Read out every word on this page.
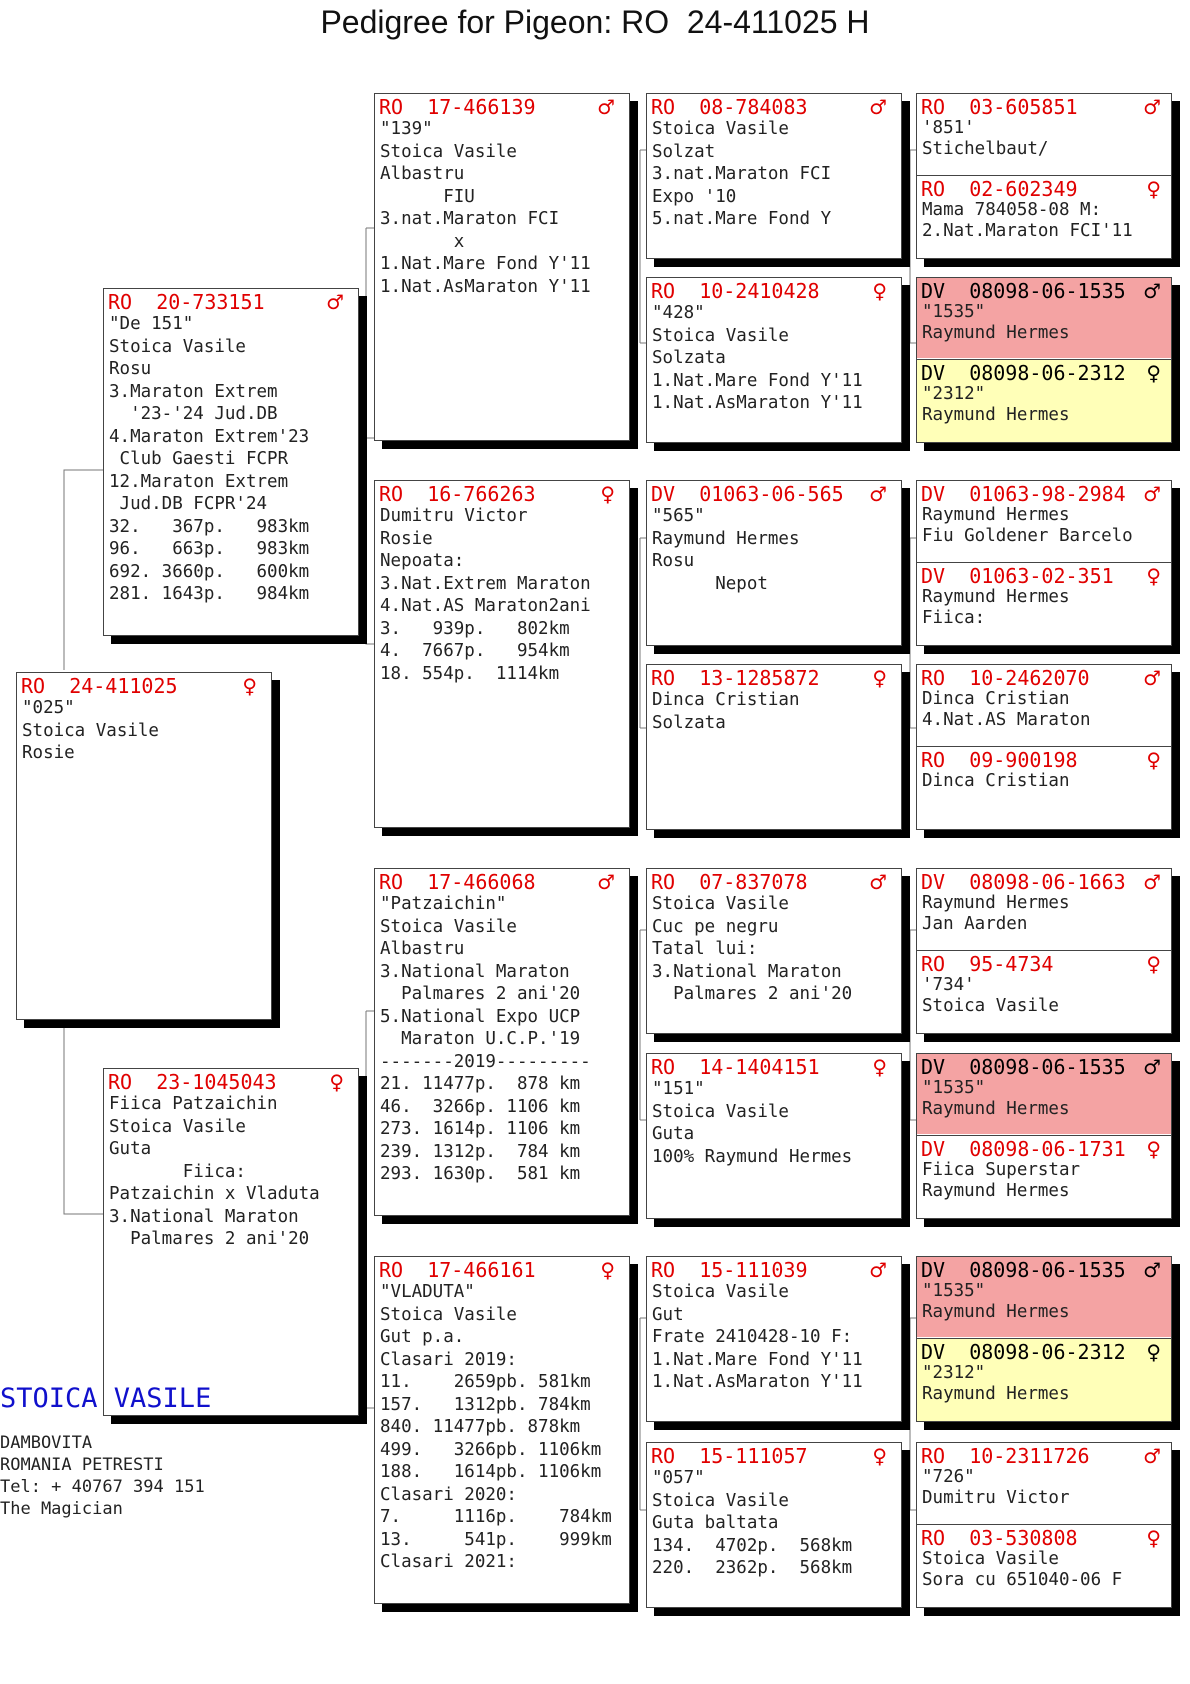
Pedigree for Pigeon: RO  24-411025 H
RO 24-411025	♀
"025"
Stoica Vasile
Rosie
RO 20-733151	♂
"De 151"
Stoica Vasile
Rosu
3.Maraton Extrem
'23-'24 Jud.DB
4.Maraton Extrem'23
Club Gaesti FCPR
12.Maraton Extrem
Jud.DB FCPR'24
32.   367p.   983km
96.   663p.   983km
692. 3660p.   600km
281. 1643p.   984km
RO 23-1045043	♀
Fiica Patzaichin
Stoica Vasile
Guta
Fiica:
Patzaichin x Vladuta
3.National Maraton
Palmares 2 ani'20
RO 17-466139	♂
"139"
Stoica Vasile
Albastru
FIU
3.nat.Maraton FCI
x
1.Nat.Mare Fond Y'11
1.Nat.AsMaraton Y'11
RO 16-766263	♀
Dumitru Victor
Rosie
Nepoata:
3.Nat.Extrem Maraton
4.Nat.AS Maraton2ani
3.   939p.   802km
4.  7667p.   954km
18. 554p.  1114km
RO 17-466068	♂
"Patzaichin"
Stoica Vasile
Albastru
3.National Maraton
Palmares 2 ani'20
5.National Expo UCP
Maraton U.C.P.'19
-------2019---------
21. 11477p.  878 km
46.  3266p. 1106 km
273. 1614p. 1106 km
239. 1312p.  784 km
293. 1630p.  581 km
RO 17-466161	♀
"VLADUTA"
Stoica Vasile
Gut p.a.
Clasari 2019:
11.    2659pb. 581km
157.   1312pb. 784km
840. 11477pb. 878km
499.   3266pb. 1106km
188.   1614pb. 1106km
Clasari 2020:
7.     1116p.    784km
13.     541p.    999km
Clasari 2021:
RO 08-784083	♂
Stoica Vasile
Solzat
3.nat.Maraton FCI
Expo '10
5.nat.Mare Fond Y
RO 10-2410428	♀
"428"
Stoica Vasile
Solzata
1.Nat.Mare Fond Y'11
1.Nat.AsMaraton Y'11
DV 01063-06-565 ♂
"565"
Raymund Hermes
Rosu
Nepot
RO 13-1285872	♀
Dinca Cristian
Solzata
RO 07-837078	♂
Stoica Vasile
Cuc pe negru
Tatal lui:
3.National Maraton
Palmares 2 ani'20
RO 14-1404151	♀
"151"
Stoica Vasile
Guta
100% Raymund Hermes
RO 15-111039	♂
Stoica Vasile
Gut
Frate 2410428-10 F:
1.Nat.Mare Fond Y'11
1.Nat.AsMaraton Y'11
RO 15-111057	♀
"057"
Stoica Vasile
Guta baltata
134.  4702p.  568km
220.  2362p.  568km
RO 03-605851	♂
'851'
Stichelbaut/
RO 02-602349	♀
Mama 784058-08 M:
2.Nat.Maraton FCI'11
DV 08098-06-1535 ♂
"1535"
Raymund Hermes
DV 08098-06-2312 ♀
"2312"
Raymund Hermes
DV 01063-98-2984 ♂
Raymund Hermes
Fiu Goldener Barcelo
DV 01063-02-351 ♀
Raymund Hermes
Fiica:
RO 10-2462070	♂
Dinca Cristian
4.Nat.AS Maraton
RO 09-900198	♀
Dinca Cristian
DV 08098-06-1663 ♂
Raymund Hermes
Jan Aarden
RO 95-4734	♀
'734'
Stoica Vasile
DV 08098-06-1535 ♂
"1535"
Raymund Hermes
DV 08098-06-1731 ♀
Fiica Superstar
Raymund Hermes
DV 08098-06-1535 ♂
"1535"
Raymund Hermes
DV 08098-06-2312 ♀
"2312"
Raymund Hermes
RO 10-2311726	♂
"726"
Dumitru Victor
RO 03-530808	♀
Stoica Vasile
Sora cu 651040-06 F
STOICA VASILE
DAMBOVITA
ROMANIA PETRESTI
Tel: + 40767 394 151
The Magician
